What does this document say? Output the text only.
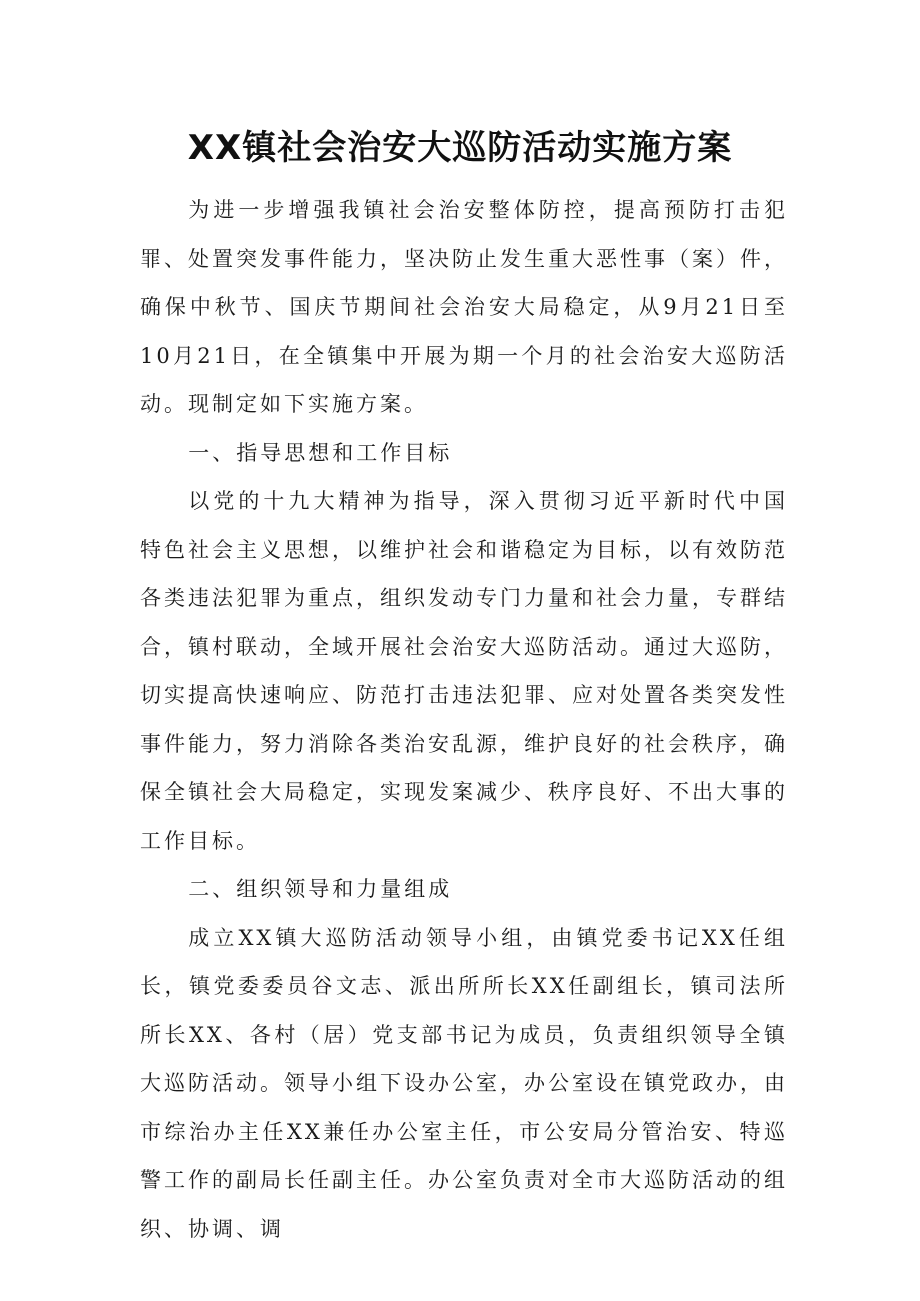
XX镇社会治安大巡防活动实施方案

为进一步增强我镇社会治安整体防控，提高预防打击犯罪、处置突发事件能力，坚决防止发生重大恶性事（案）件，确保中秋节、国庆节期间社会治安大局稳定，从9月21日至10月21日，在全镇集中开展为期一个月的社会治安大巡防活动。现制定如下实施方案。

一、指导思想和工作目标

以党的十九大精神为指导，深入贯彻习近平新时代中国特色社会主义思想，以维护社会和谐稳定为目标，以有效防范各类违法犯罪为重点，组织发动专门力量和社会力量，专群结合，镇村联动，全域开展社会治安大巡防活动。通过大巡防，切实提高快速响应、防范打击违法犯罪、应对处置各类突发性事件能力，努力消除各类治安乱源，维护良好的社会秩序，确保全镇社会大局稳定，实现发案减少、秩序良好、不出大事的工作目标。

二、组织领导和力量组成

成立XX镇大巡防活动领导小组，由镇党委书记XX任组长，镇党委委员谷文志、派出所所长XX任副组长，镇司法所所长XX、各村（居）党支部书记为成员，负责组织领导全镇大巡防活动。领导小组下设办公室，办公室设在镇党政办，由市综治办主任XX兼任办公室主任，市公安局分管治安、特巡警工作的副局长任副主任。办公室负责对全市大巡防活动的组织、协调、调
